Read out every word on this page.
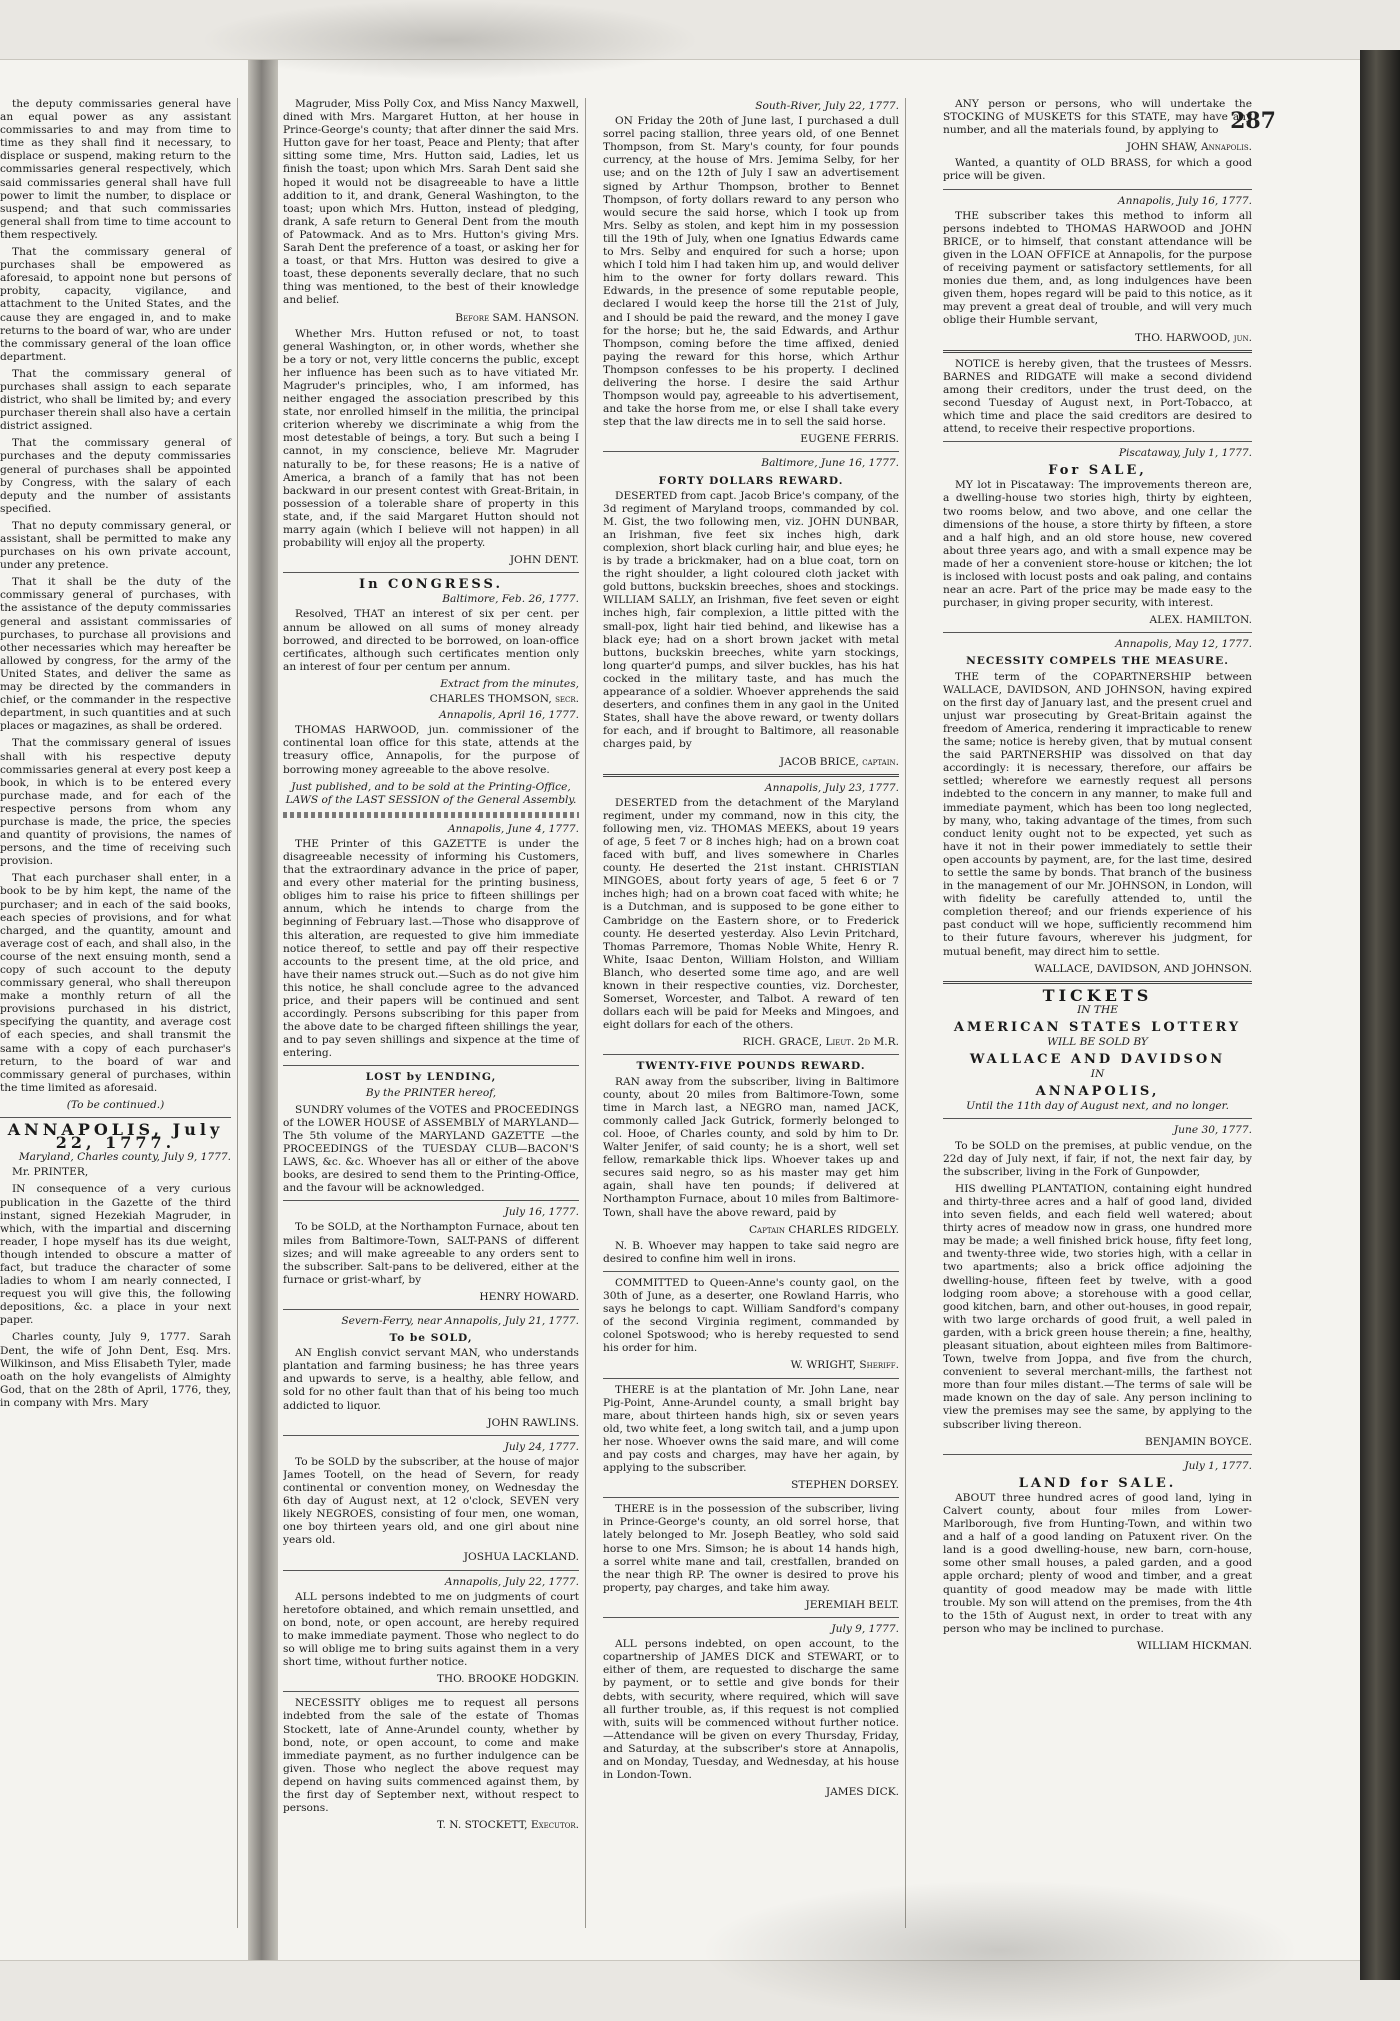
287

the deputy commissaries general have an equal power as any assistant commissaries to and may from time to time as they shall find it necessary, to displace or suspend, making return to the commissaries general respectively, which said commissaries general shall have full power to limit the number, to displace or suspend; and that such commissaries general shall from time to time account to them respectively.

That the commissary general of purchases shall be empowered as aforesaid, to appoint none but persons of probity, capacity, vigilance, and attachment to the United States, and the cause they are engaged in, and to make returns to the board of war, who are under the commissary general of the loan office department.

That the commissary general of purchases shall assign to each separate district, who shall be limited by; and every purchaser therein shall also have a certain district assigned.

That the commissary general of purchases and the deputy commissaries general of purchases shall be appointed by Congress, with the salary of each deputy and the number of assistants specified.

That no deputy commissary general, or assistant, shall be permitted to make any purchases on his own private account, under any pretence.

That it shall be the duty of the commissary general of purchases, with the assistance of the deputy commissaries general and assistant commissaries of purchases, to purchase all provisions and other necessaries which may hereafter be allowed by congress, for the army of the United States, and deliver the same as may be directed by the commanders in chief, or the commander in the respective department, in such quantities and at such places or magazines, as shall be ordered.

That the commissary general of issues shall with his respective deputy commissaries general at every post keep a book, in which is to be entered every purchase made, and for each of the respective persons from whom any purchase is made, the price, the species and quantity of provisions, the names of persons, and the time of receiving such provision.

That each purchaser shall enter, in a book to be by him kept, the name of the purchaser; and in each of the said books, each species of provisions, and for what charged, and the quantity, amount and average cost of each, and shall also, in the course of the next ensuing month, send a copy of such account to the deputy commissary general, who shall thereupon make a monthly return of all the provisions purchased in his district, specifying the quantity, and average cost of each species, and shall transmit the same with a copy of each purchaser's return, to the board of war and commissary general of purchases, within the time limited as aforesaid.

(To be continued.)

ANNAPOLIS, July 22, 1777.

Maryland, Charles county, July 9, 1777.

Mr. PRINTER,

IN consequence of a very curious publication in the Gazette of the third instant, signed Hezekiah Magruder, in which, with the impartial and discerning reader, I hope myself has its due weight, though intended to obscure a matter of fact, but traduce the character of some ladies to whom I am nearly connected, I request you will give this, the following depositions, &c. a place in your next paper.

Charles county, July 9, 1777. Sarah Dent, the wife of John Dent, Esq. Mrs. Wilkinson, and Miss Elisabeth Tyler, made oath on the holy evangelists of Almighty God, that on the 28th of April, 1776, they, in company with Mrs. Mary

Magruder, Miss Polly Cox, and Miss Nancy Maxwell, dined with Mrs. Margaret Hutton, at her house in Prince-George's county; that after dinner the said Mrs. Hutton gave for her toast, Peace and Plenty; that after sitting some time, Mrs. Hutton said, Ladies, let us finish the toast; upon which Mrs. Sarah Dent said she hoped it would not be disagreeable to have a little addition to it, and drank, General Washington, to the toast; upon which Mrs. Hutton, instead of pledging, drank, A safe return to General Dent from the mouth of Patowmack. And as to Mrs. Hutton's giving Mrs. Sarah Dent the preference of a toast, or asking her for a toast, or that Mrs. Hutton was desired to give a toast, these deponents severally declare, that no such thing was mentioned, to the best of their knowledge and belief.

Before SAM. HANSON.

Whether Mrs. Hutton refused or not, to toast general Washington, or, in other words, whether she be a tory or not, very little concerns the public, except her influence has been such as to have vitiated Mr. Magruder's principles, who, I am informed, has neither engaged the association prescribed by this state, nor enrolled himself in the militia, the principal criterion whereby we discriminate a whig from the most detestable of beings, a tory. But such a being I cannot, in my conscience, believe Mr. Magruder naturally to be, for these reasons; He is a native of America, a branch of a family that has not been backward in our present contest with Great-Britain, in possession of a tolerable share of property in this state, and, if the said Margaret Hutton should not marry again (which I believe will not happen) in all probability will enjoy all the property.

JOHN DENT.

In CONGRESS.

Baltimore, Feb. 26, 1777.

Resolved, THAT an interest of six per cent. per annum be allowed on all sums of money already borrowed, and directed to be borrowed, on loan-office certificates, although such certificates mention only an interest of four per centum per annum.

Extract from the minutes,

CHARLES THOMSON, secr.

Annapolis, April 16, 1777.

THOMAS HARWOOD, jun. commissioner of the continental loan office for this state, attends at the treasury office, Annapolis, for the purpose of borrowing money agreeable to the above resolve.

Just published, and to be sold at the Printing-Office, LAWS of the LAST SESSION of the General Assembly.

Annapolis, June 4, 1777.

THE Printer of this GAZETTE is under the disagreeable necessity of informing his Customers, that the extraordinary advance in the price of paper, and every other material for the printing business, obliges him to raise his price to fifteen shillings per annum, which he intends to charge from the beginning of February last.—Those who disapprove of this alteration, are requested to give him immediate notice thereof, to settle and pay off their respective accounts to the present time, at the old price, and have their names struck out.—Such as do not give him this notice, he shall conclude agree to the advanced price, and their papers will be continued and sent accordingly. Persons subscribing for this paper from the above date to be charged fifteen shillings the year, and to pay seven shillings and sixpence at the time of entering.

LOST by LENDING,

By the PRINTER hereof,

SUNDRY volumes of the VOTES and PROCEEDINGS of the LOWER HOUSE of ASSEMBLY of MARYLAND—The 5th volume of the MARYLAND GAZETTE —the PROCEEDINGS of the TUESDAY CLUB—BACON'S LAWS, &c. &c. Whoever has all or either of the above books, are desired to send them to the Printing-Office, and the favour will be acknowledged.

July 16, 1777.

To be SOLD, at the Northampton Furnace, about ten miles from Baltimore-Town, SALT-PANS of different sizes; and will make agreeable to any orders sent to the subscriber. Salt-pans to be delivered, either at the furnace or grist-wharf, by

HENRY HOWARD.

Severn-Ferry, near Annapolis, July 21, 1777.

To be SOLD,

AN English convict servant MAN, who understands plantation and farming business; he has three years and upwards to serve, is a healthy, able fellow, and sold for no other fault than that of his being too much addicted to liquor.

JOHN RAWLINS.

July 24, 1777.

To be SOLD by the subscriber, at the house of major James Tootell, on the head of Severn, for ready continental or convention money, on Wednesday the 6th day of August next, at 12 o'clock, SEVEN very likely NEGROES, consisting of four men, one woman, one boy thirteen years old, and one girl about nine years old.

JOSHUA LACKLAND.

Annapolis, July 22, 1777.

ALL persons indebted to me on judgments of court heretofore obtained, and which remain unsettled, and on bond, note, or open account, are hereby required to make immediate payment. Those who neglect to do so will oblige me to bring suits against them in a very short time, without further notice.

THO. BROOKE HODGKIN.

NECESSITY obliges me to request all persons indebted from the sale of the estate of Thomas Stockett, late of Anne-Arundel county, whether by bond, note, or open account, to come and make immediate payment, as no further indulgence can be given. Those who neglect the above request may depend on having suits commenced against them, by the first day of September next, without respect to persons.

T. N. STOCKETT, Executor.

South-River, July 22, 1777.

ON Friday the 20th of June last, I purchased a dull sorrel pacing stallion, three years old, of one Bennet Thompson, from St. Mary's county, for four pounds currency, at the house of Mrs. Jemima Selby, for her use; and on the 12th of July I saw an advertisement signed by Arthur Thompson, brother to Bennet Thompson, of forty dollars reward to any person who would secure the said horse, which I took up from Mrs. Selby as stolen, and kept him in my possession till the 19th of July, when one Ignatius Edwards came to Mrs. Selby and enquired for such a horse; upon which I told him I had taken him up, and would deliver him to the owner for forty dollars reward. This Edwards, in the presence of some reputable people, declared I would keep the horse till the 21st of July, and I should be paid the reward, and the money I gave for the horse; but he, the said Edwards, and Arthur Thompson, coming before the time affixed, denied paying the reward for this horse, which Arthur Thompson confesses to be his property. I declined delivering the horse. I desire the said Arthur Thompson would pay, agreeable to his advertisement, and take the horse from me, or else I shall take every step that the law directs me in to sell the said horse.

EUGENE FERRIS.

Baltimore, June 16, 1777.

FORTY DOLLARS REWARD.

DESERTED from capt. Jacob Brice's company, of the 3d regiment of Maryland troops, commanded by col. M. Gist, the two following men, viz. JOHN DUNBAR, an Irishman, five feet six inches high, dark complexion, short black curling hair, and blue eyes; he is by trade a brickmaker, had on a blue coat, torn on the right shoulder, a light coloured cloth jacket with gold buttons, buckskin breeches, shoes and stockings. WILLIAM SALLY, an Irishman, five feet seven or eight inches high, fair complexion, a little pitted with the small-pox, light hair tied behind, and likewise has a black eye; had on a short brown jacket with metal buttons, buckskin breeches, white yarn stockings, long quarter'd pumps, and silver buckles, has his hat cocked in the military taste, and has much the appearance of a soldier. Whoever apprehends the said deserters, and confines them in any gaol in the United States, shall have the above reward, or twenty dollars for each, and if brought to Baltimore, all reasonable charges paid, by

JACOB BRICE, captain.

Annapolis, July 23, 1777.

DESERTED from the detachment of the Maryland regiment, under my command, now in this city, the following men, viz. THOMAS MEEKS, about 19 years of age, 5 feet 7 or 8 inches high; had on a brown coat faced with buff, and lives somewhere in Charles county. He deserted the 21st instant. CHRISTIAN MINGOES, about forty years of age, 5 feet 6 or 7 inches high; had on a brown coat faced with white; he is a Dutchman, and is supposed to be gone either to Cambridge on the Eastern shore, or to Frederick county. He deserted yesterday. Also Levin Pritchard, Thomas Parremore, Thomas Noble White, Henry R. White, Isaac Denton, William Holston, and William Blanch, who deserted some time ago, and are well known in their respective counties, viz. Dorchester, Somerset, Worcester, and Talbot. A reward of ten dollars each will be paid for Meeks and Mingoes, and eight dollars for each of the others.

RICH. GRACE, Lieut. 2d M.R.

TWENTY-FIVE POUNDS REWARD.

RAN away from the subscriber, living in Baltimore county, about 20 miles from Baltimore-Town, some time in March last, a NEGRO man, named JACK, commonly called Jack Gutrick, formerly belonged to col. Hooe, of Charles county, and sold by him to Dr. Walter Jenifer, of said county; he is a short, well set fellow, remarkable thick lips. Whoever takes up and secures said negro, so as his master may get him again, shall have ten pounds; if delivered at Northampton Furnace, about 10 miles from Baltimore-Town, shall have the above reward, paid by

Captain CHARLES RIDGELY.

N. B. Whoever may happen to take said negro are desired to confine him well in irons.

COMMITTED to Queen-Anne's county gaol, on the 30th of June, as a deserter, one Rowland Harris, who says he belongs to capt. William Sandford's company of the second Virginia regiment, commanded by colonel Spotswood; who is hereby requested to send his order for him.

W. WRIGHT, Sheriff.

THERE is at the plantation of Mr. John Lane, near Pig-Point, Anne-Arundel county, a small bright bay mare, about thirteen hands high, six or seven years old, two white feet, a long switch tail, and a jump upon her nose. Whoever owns the said mare, and will come and pay costs and charges, may have her again, by applying to the subscriber.

STEPHEN DORSEY.

THERE is in the possession of the subscriber, living in Prince-George's county, an old sorrel horse, that lately belonged to Mr. Joseph Beatley, who sold said horse to one Mrs. Simson; he is about 14 hands high, a sorrel white mane and tail, crestfallen, branded on the near thigh RP. The owner is desired to prove his property, pay charges, and take him away.

JEREMIAH BELT.

July 9, 1777.

ALL persons indebted, on open account, to the copartnership of JAMES DICK and STEWART, or to either of them, are requested to discharge the same by payment, or to settle and give bonds for their debts, with security, where required, which will save all further trouble, as, if this request is not complied with, suits will be commenced without further notice.—Attendance will be given on every Thursday, Friday, and Saturday, at the subscriber's store at Annapolis, and on Monday, Tuesday, and Wednesday, at his house in London-Town.

JAMES DICK.

ANY person or persons, who will undertake the STOCKING of MUSKETS for this STATE, may have any number, and all the materials found, by applying to

JOHN SHAW, Annapolis.

Wanted, a quantity of OLD BRASS, for which a good price will be given.

Annapolis, July 16, 1777.

THE subscriber takes this method to inform all persons indebted to THOMAS HARWOOD and JOHN BRICE, or to himself, that constant attendance will be given in the LOAN OFFICE at Annapolis, for the purpose of receiving payment or satisfactory settlements, for all monies due them, and, as long indulgences have been given them, hopes regard will be paid to this notice, as it may prevent a great deal of trouble, and will very much oblige their Humble servant,

THO. HARWOOD, jun.

NOTICE is hereby given, that the trustees of Messrs. BARNES and RIDGATE will make a second dividend among their creditors, under the trust deed, on the second Tuesday of August next, in Port-Tobacco, at which time and place the said creditors are desired to attend, to receive their respective proportions.

Piscataway, July 1, 1777.

For SALE,

MY lot in Piscataway: The improvements thereon are, a dwelling-house two stories high, thirty by eighteen, two rooms below, and two above, and one cellar the dimensions of the house, a store thirty by fifteen, a store and a half high, and an old store house, new covered about three years ago, and with a small expence may be made of her a convenient store-house or kitchen; the lot is inclosed with locust posts and oak paling, and contains near an acre. Part of the price may be made easy to the purchaser, in giving proper security, with interest.

ALEX. HAMILTON.

Annapolis, May 12, 1777.

NECESSITY COMPELS THE MEASURE.

THE term of the COPARTNERSHIP between WALLACE, DAVIDSON, AND JOHNSON, having expired on the first day of January last, and the present cruel and unjust war prosecuting by Great-Britain against the freedom of America, rendering it impracticable to renew the same; notice is hereby given, that by mutual consent the said PARTNERSHIP was dissolved on that day accordingly: it is necessary, therefore, our affairs be settled; wherefore we earnestly request all persons indebted to the concern in any manner, to make full and immediate payment, which has been too long neglected, by many, who, taking advantage of the times, from such conduct lenity ought not to be expected, yet such as have it not in their power immediately to settle their open accounts by payment, are, for the last time, desired to settle the same by bonds. That branch of the business in the management of our Mr. JOHNSON, in London, will with fidelity be carefully attended to, until the completion thereof; and our friends experience of his past conduct will we hope, sufficiently recommend him to their future favours, wherever his judgment, for mutual benefit, may direct him to settle.

WALLACE, DAVIDSON, AND JOHNSON.

TICKETS

IN THE

AMERICAN STATES LOTTERY

WILL BE SOLD BY

WALLACE AND DAVIDSON

IN

ANNAPOLIS,

Until the 11th day of August next, and no longer.

June 30, 1777.

To be SOLD on the premises, at public vendue, on the 22d day of July next, if fair, if not, the next fair day, by the subscriber, living in the Fork of Gunpowder,

HIS dwelling PLANTATION, containing eight hundred and thirty-three acres and a half of good land, divided into seven fields, and each field well watered; about thirty acres of meadow now in grass, one hundred more may be made; a well finished brick house, fifty feet long, and twenty-three wide, two stories high, with a cellar in two apartments; also a brick office adjoining the dwelling-house, fifteen feet by twelve, with a good lodging room above; a storehouse with a good cellar, good kitchen, barn, and other out-houses, in good repair, with two large orchards of good fruit, a well paled in garden, with a brick green house therein; a fine, healthy, pleasant situation, about eighteen miles from Baltimore-Town, twelve from Joppa, and five from the church, convenient to several merchant-mills, the farthest not more than four miles distant.—The terms of sale will be made known on the day of sale. Any person inclining to view the premises may see the same, by applying to the subscriber living thereon.

BENJAMIN BOYCE.

July 1, 1777.

LAND for SALE.

ABOUT three hundred acres of good land, lying in Calvert county, about four miles from Lower-Marlborough, five from Hunting-Town, and within two and a half of a good landing on Patuxent river. On the land is a good dwelling-house, new barn, corn-house, some other small houses, a paled garden, and a good apple orchard; plenty of wood and timber, and a great quantity of good meadow may be made with little trouble. My son will attend on the premises, from the 4th to the 15th of August next, in order to treat with any person who may be inclined to purchase.

WILLIAM HICKMAN.
